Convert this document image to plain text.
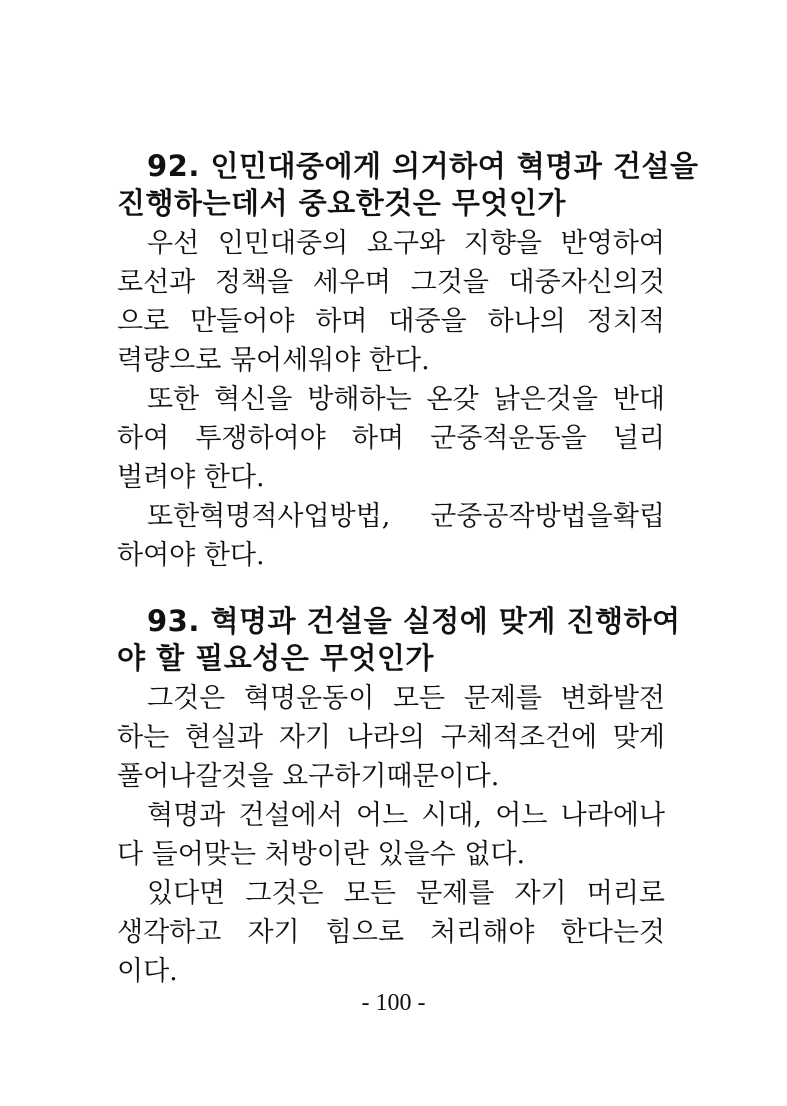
92. 인민대중에게 의거하여 혁명과 건설을
진행하는데서 중요한것은 무엇인가
우선 인민대중의 요구와 지향을 반영하여
로선과 정책을 세우며 그것을 대중자신의것
으로 만들어야 하며 대중을 하나의 정치적
력량으로 묶어세워야 한다.
또한 혁신을 방해하는 온갖 낡은것을 반대
하여 투쟁하여야 하며 군중적운동을 널리
벌려야 한다.
또한혁명적사업방법, 군중공작방법을확립
하여야 한다.
93. 혁명과 건설을 실정에 맞게 진행하여
야 할 필요성은 무엇인가
그것은 혁명운동이 모든 문제를 변화발전
하는 현실과 자기 나라의 구체적조건에 맞게
풀어나갈것을 요구하기때문이다.
혁명과 건설에서 어느 시대, 어느 나라에나
다 들어맞는 처방이란 있을수 없다.
있다면 그것은 모든 문제를 자기 머리로
생각하고 자기 힘으로 처리해야 한다는것
이다.
- 100 -
